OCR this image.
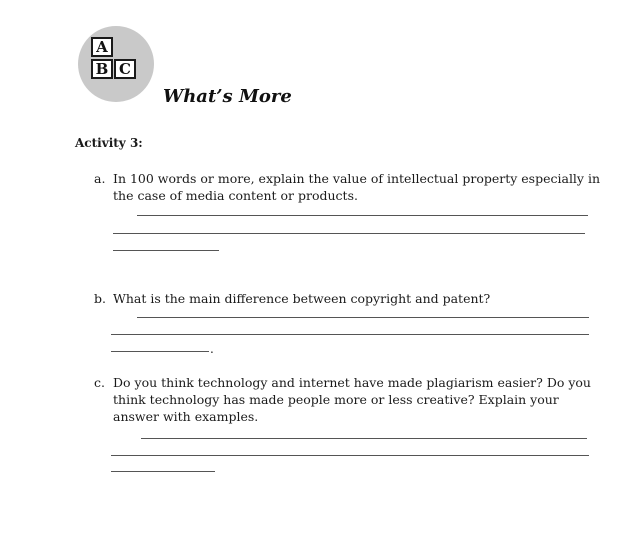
A
B C
What’s More
Activity 3:
a. In 100 words or more, explain the value of intellectual property especially in
the case of media content or products.
b. What is the main difference between copyright and patent?
.
c. Do you think technology and internet have made plagiarism easier? Do you
think technology has made people more or less creative? Explain your
answer with examples.
